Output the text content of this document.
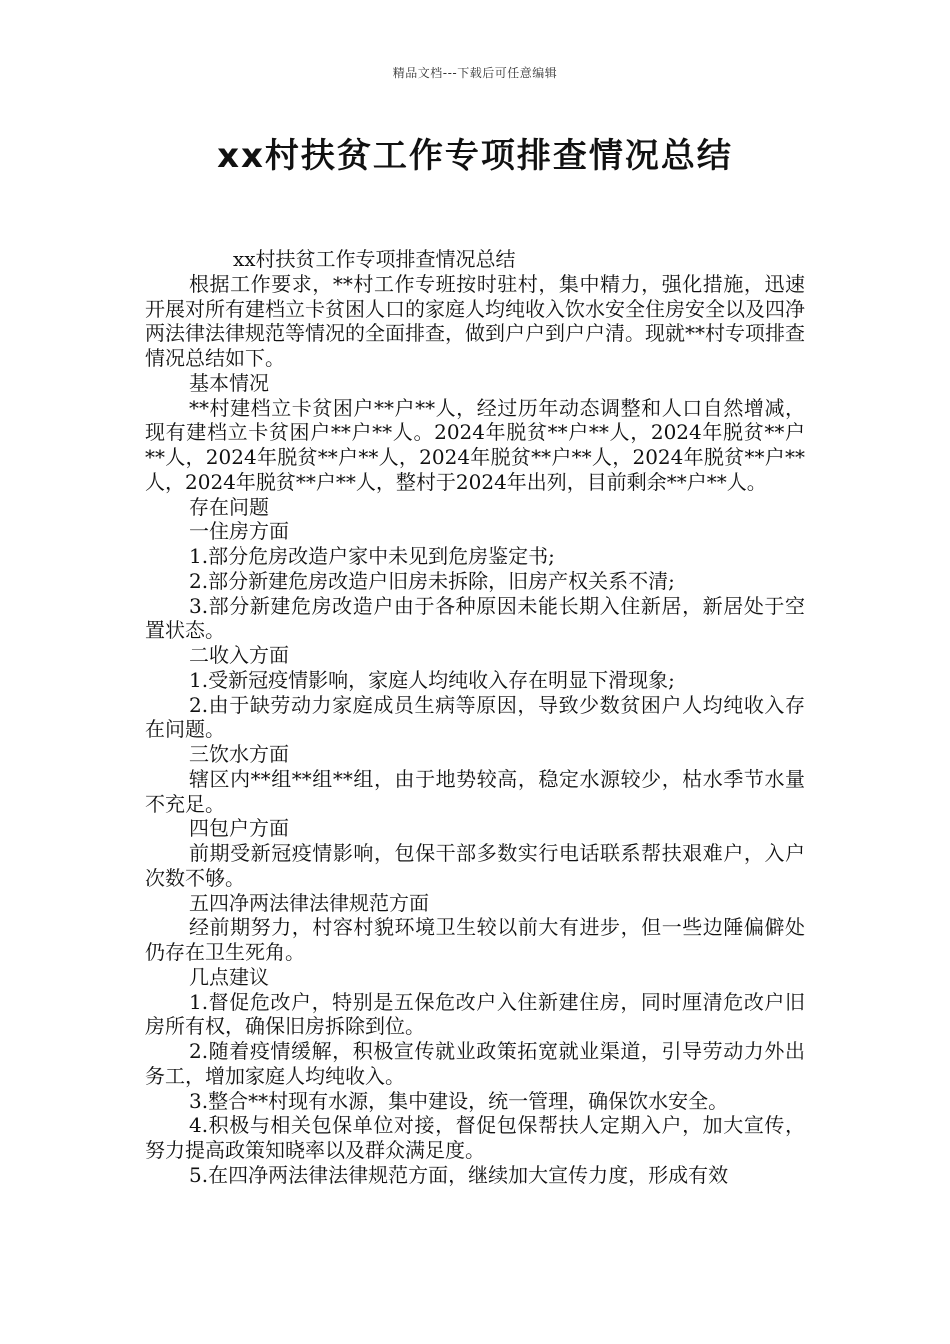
精品文档---下载后可任意编辑
xx村扶贫工作专项排查情况总结

xx村扶贫工作专项排查情况总结

根据工作要求，**村工作专班按时驻村，集中精力，强化措施，迅速开展对所有建档立卡贫困人口的家庭人均纯收入饮水安全住房安全以及四净两法律法律规范等情况的全面排查，做到户户到户户清。现就**村专项排查情况总结如下。

基本情况

**村建档立卡贫困户**户**人，经过历年动态调整和人口自然增减，现有建档立卡贫困户**户**人。2024年脱贫**户**人，2024年脱贫**户**人，2024年脱贫**户**人，2024年脱贫**户**人，2024年脱贫**户**人，2024年脱贫**户**人，整村于2024年出列，目前剩余**户**人。

存在问题

一住房方面

1.部分危房改造户家中未见到危房鉴定书;

2.部分新建危房改造户旧房未拆除，旧房产权关系不清;

3.部分新建危房改造户由于各种原因未能长期入住新居，新居处于空置状态。

二收入方面

1.受新冠疫情影响，家庭人均纯收入存在明显下滑现象;

2.由于缺劳动力家庭成员生病等原因，导致少数贫困户人均纯收入存在问题。

三饮水方面

辖区内**组**组**组，由于地势较高，稳定水源较少，枯水季节水量不充足。

四包户方面

前期受新冠疫情影响，包保干部多数实行电话联系帮扶艰难户，入户次数不够。

五四净两法律法律规范方面

经前期努力，村容村貌环境卫生较以前大有进步，但一些边陲偏僻处仍存在卫生死角。

几点建议

1.督促危改户，特别是五保危改户入住新建住房，同时厘清危改户旧房所有权，确保旧房拆除到位。

2.随着疫情缓解，积极宣传就业政策拓宽就业渠道，引导劳动力外出务工，增加家庭人均纯收入。

3.整合**村现有水源，集中建设，统一管理，确保饮水安全。

4.积极与相关包保单位对接，督促包保帮扶人定期入户，加大宣传，努力提高政策知晓率以及群众满足度。

5.在四净两法律法律规范方面，继续加大宣传力度，形成有效
